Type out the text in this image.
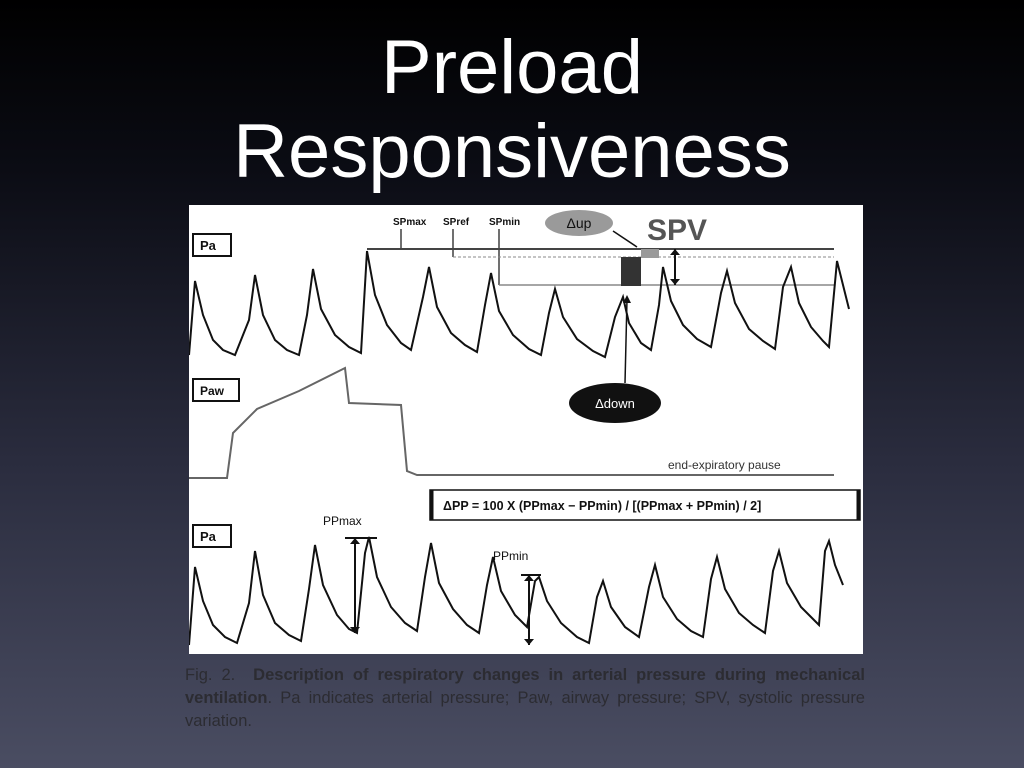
Preload
Responsiveness
Pa
SPmax SPref SPmin	Δup SPV
Paw
end-expiratory pause
Δdown
ΔPP = 100 X (PPmax − PPmin) / [(PPmax + PPmin) / 2]
Pa
PPmax
PPmin
Fig. 2. Description of respiratory changes in arterial pressure during mechanical ventilation. Pa indicates arterial pressure; Paw, airway pressure; SPV, systolic pressure variation.
